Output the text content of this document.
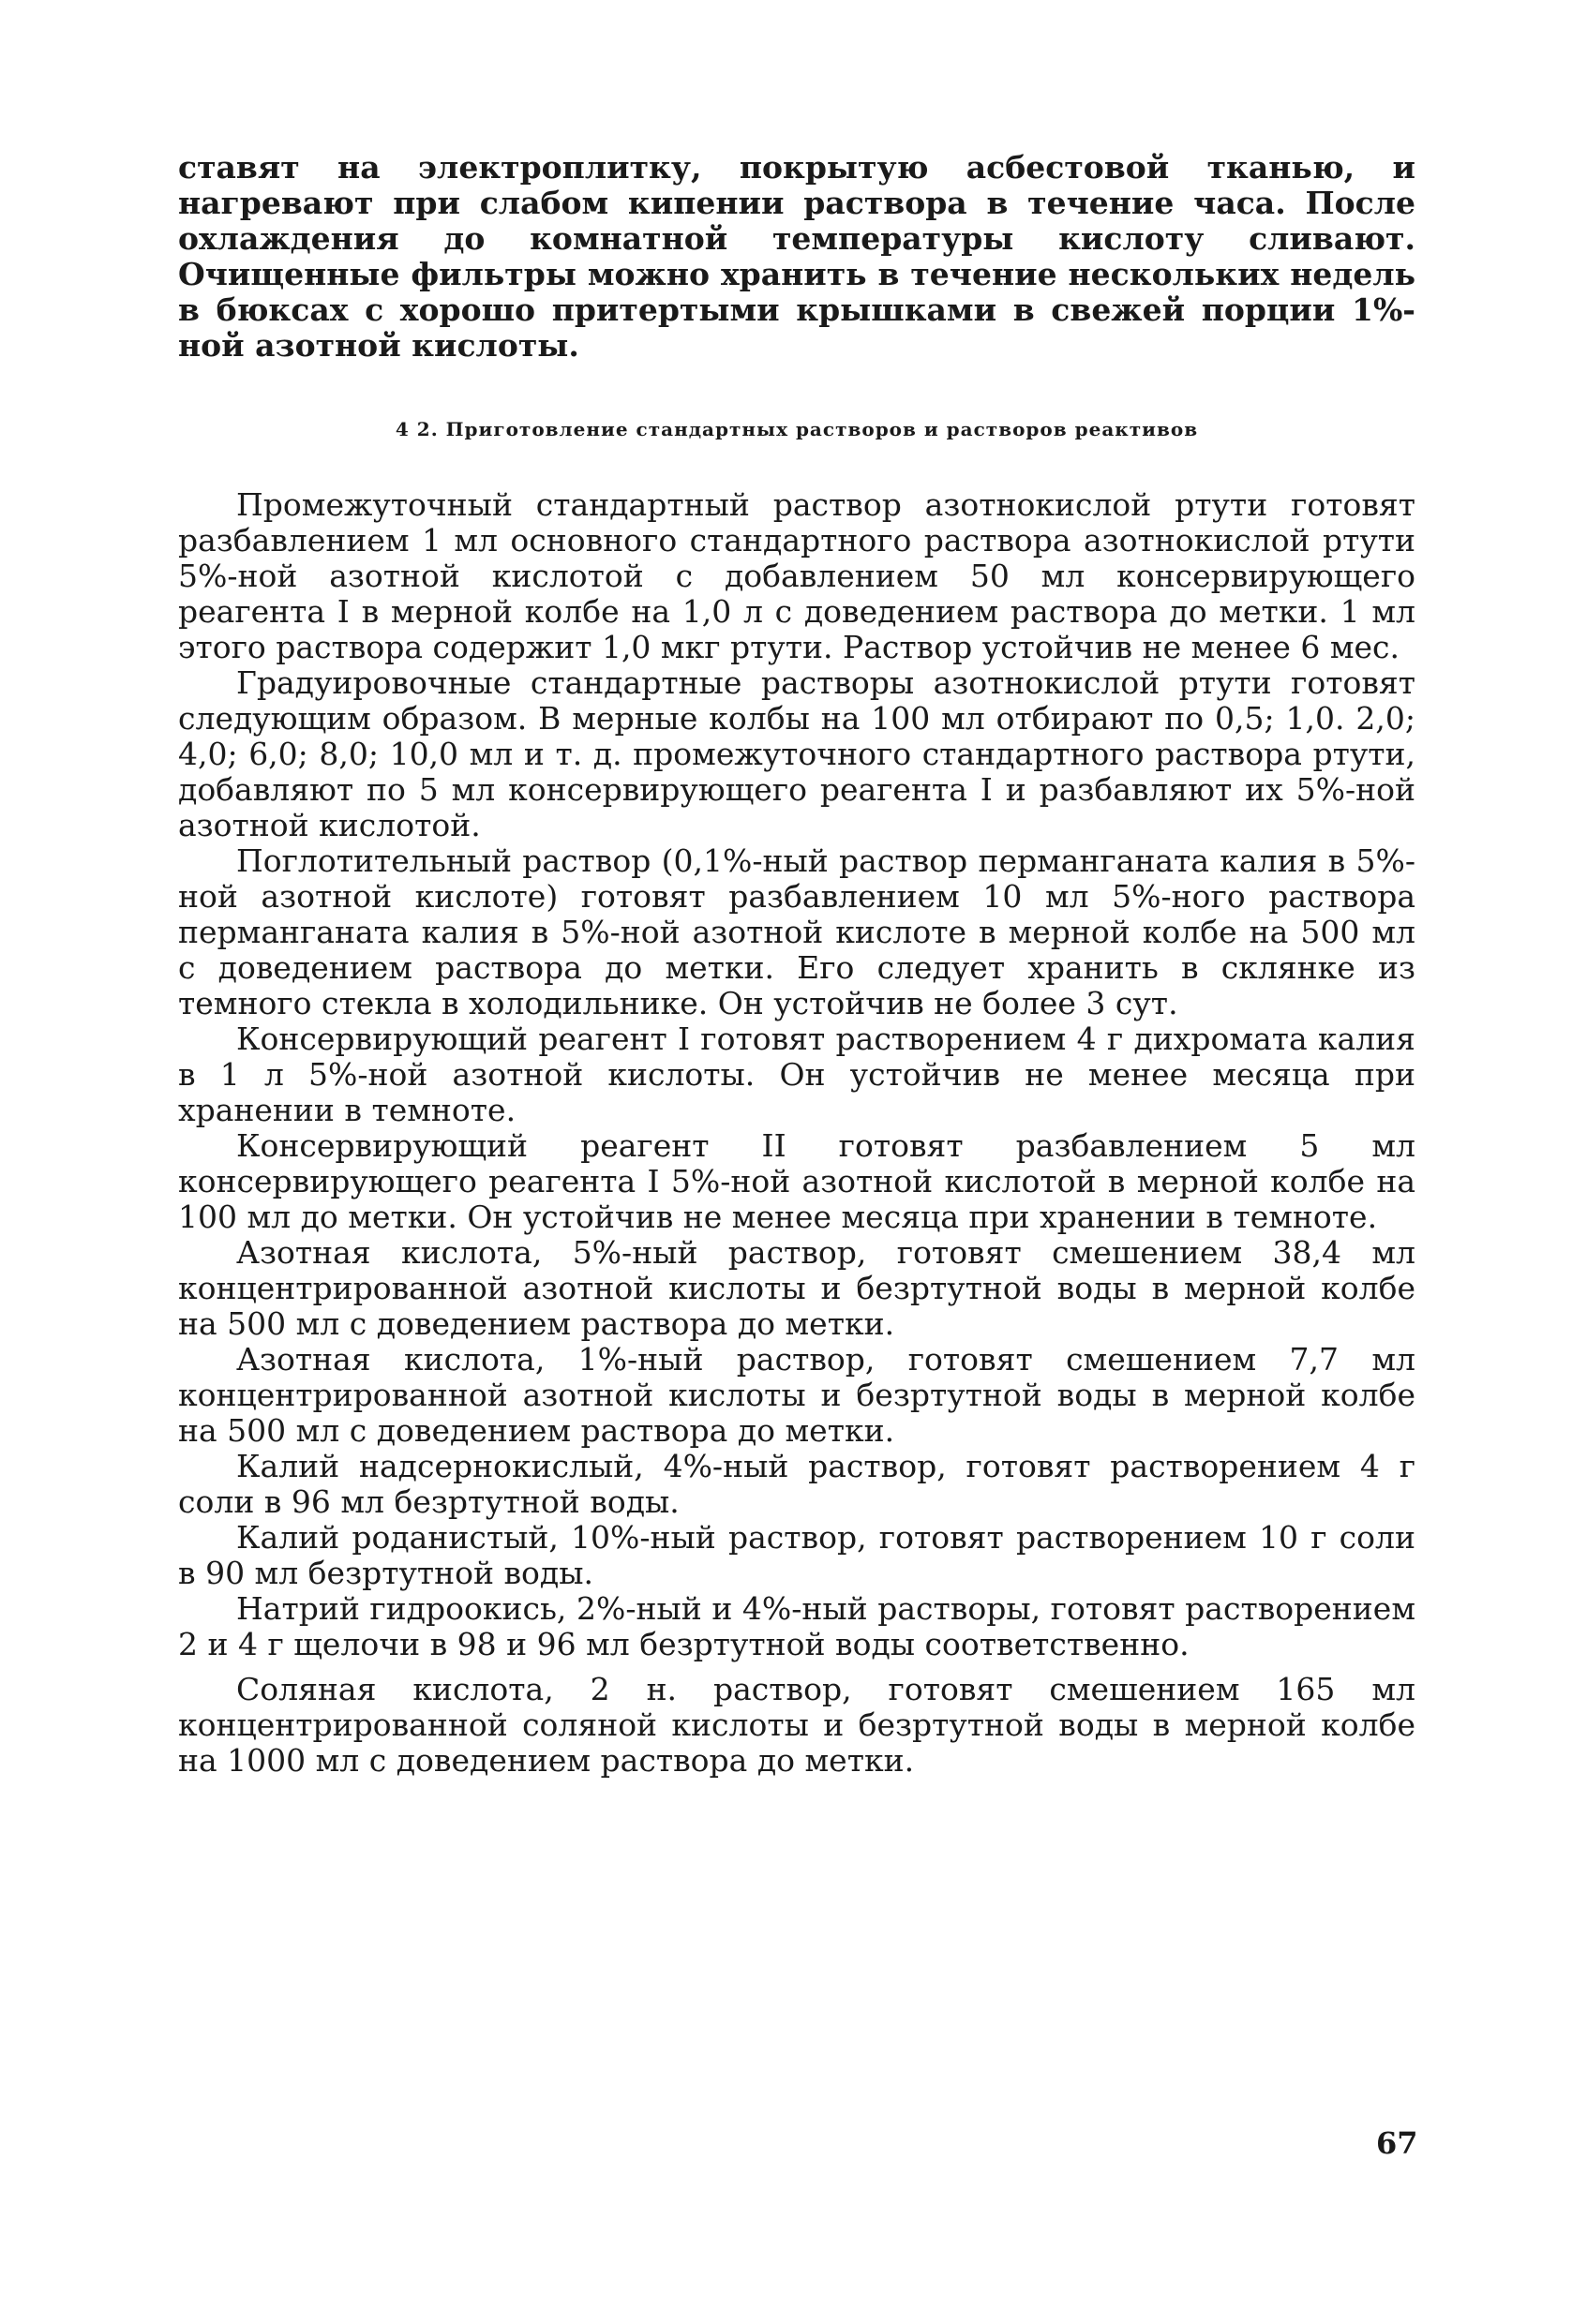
ставят на электроплитку, покрытую асбестовой тканью, и нагревают при слабом кипении раствора в течение часа. После охлаждения до комнатной температуры кислоту сливают. Очищенные фильтры можно хранить в течение нескольких недель в бюксах с хорошо притертыми крышками в свежей порции 1%-ной азотной кислоты.

4 2. Приготовление стандартных растворов и растворов реактивов

Промежуточный стандартный раствор азотнокислой ртути готовят разбавлением 1 мл основного стандартного раствора азотнокислой ртути 5%-ной азотной кислотой с добавлением 50 мл консервирующего реагента I в мерной колбе на 1,0 л с доведением раствора до метки. 1 мл этого раствора содержит 1,0 мкг ртути. Раствор устойчив не менее 6 мес.

Градуировочные стандартные растворы азотнокислой ртути готовят следующим образом. В мерные колбы на 100 мл отбирают по 0,5; 1,0. 2,0; 4,0; 6,0; 8,0; 10,0 мл и т. д. промежуточного стандартного раствора ртути, добавляют по 5 мл консервирующего реагента I и разбавляют их 5%-ной азотной кислотой.

Поглотительный раствор (0,1%-ный раствор перманганата калия в 5%-ной азотной кислоте) готовят разбавлением 10 мл 5%-ного раствора перманганата калия в 5%-ной азотной кислоте в мерной колбе на 500 мл с доведением раствора до метки. Его следует хранить в склянке из темного стекла в холодильнике. Он устойчив не более 3 сут.

Консервирующий реагент I готовят растворением 4 г дихромата калия в 1 л 5%-ной азотной кислоты. Он устойчив не менее месяца при хранении в темноте.

Консервирующий реагент II готовят разбавлением 5 мл консервирующего реагента I 5%-ной азотной кислотой в мерной колбе на 100 мл до метки. Он устойчив не менее месяца при хранении в темноте.

Азотная кислота, 5%-ный раствор, готовят смешением 38,4 мл концентрированной азотной кислоты и безртутной воды в мерной колбе на 500 мл с доведением раствора до метки.

Азотная кислота, 1%-ный раствор, готовят смешением 7,7 мл концентрированной азотной кислоты и безртутной воды в мерной колбе на 500 мл с доведением раствора до метки.

Калий надсернокислый, 4%-ный раствор, готовят растворением 4 г соли в 96 мл безртутной воды.

Калий роданистый, 10%-ный раствор, готовят растворением 10 г соли в 90 мл безртутной воды.

Натрий гидроокись, 2%-ный и 4%-ный растворы, готовят растворением 2 и 4 г щелочи в 98 и 96 мл безртутной воды соответственно.

Соляная кислота, 2 н. раствор, готовят смешением 165 мл концентрированной соляной кислоты и безртутной воды в мерной колбе на 1000 мл с доведением раствора до метки.

67
